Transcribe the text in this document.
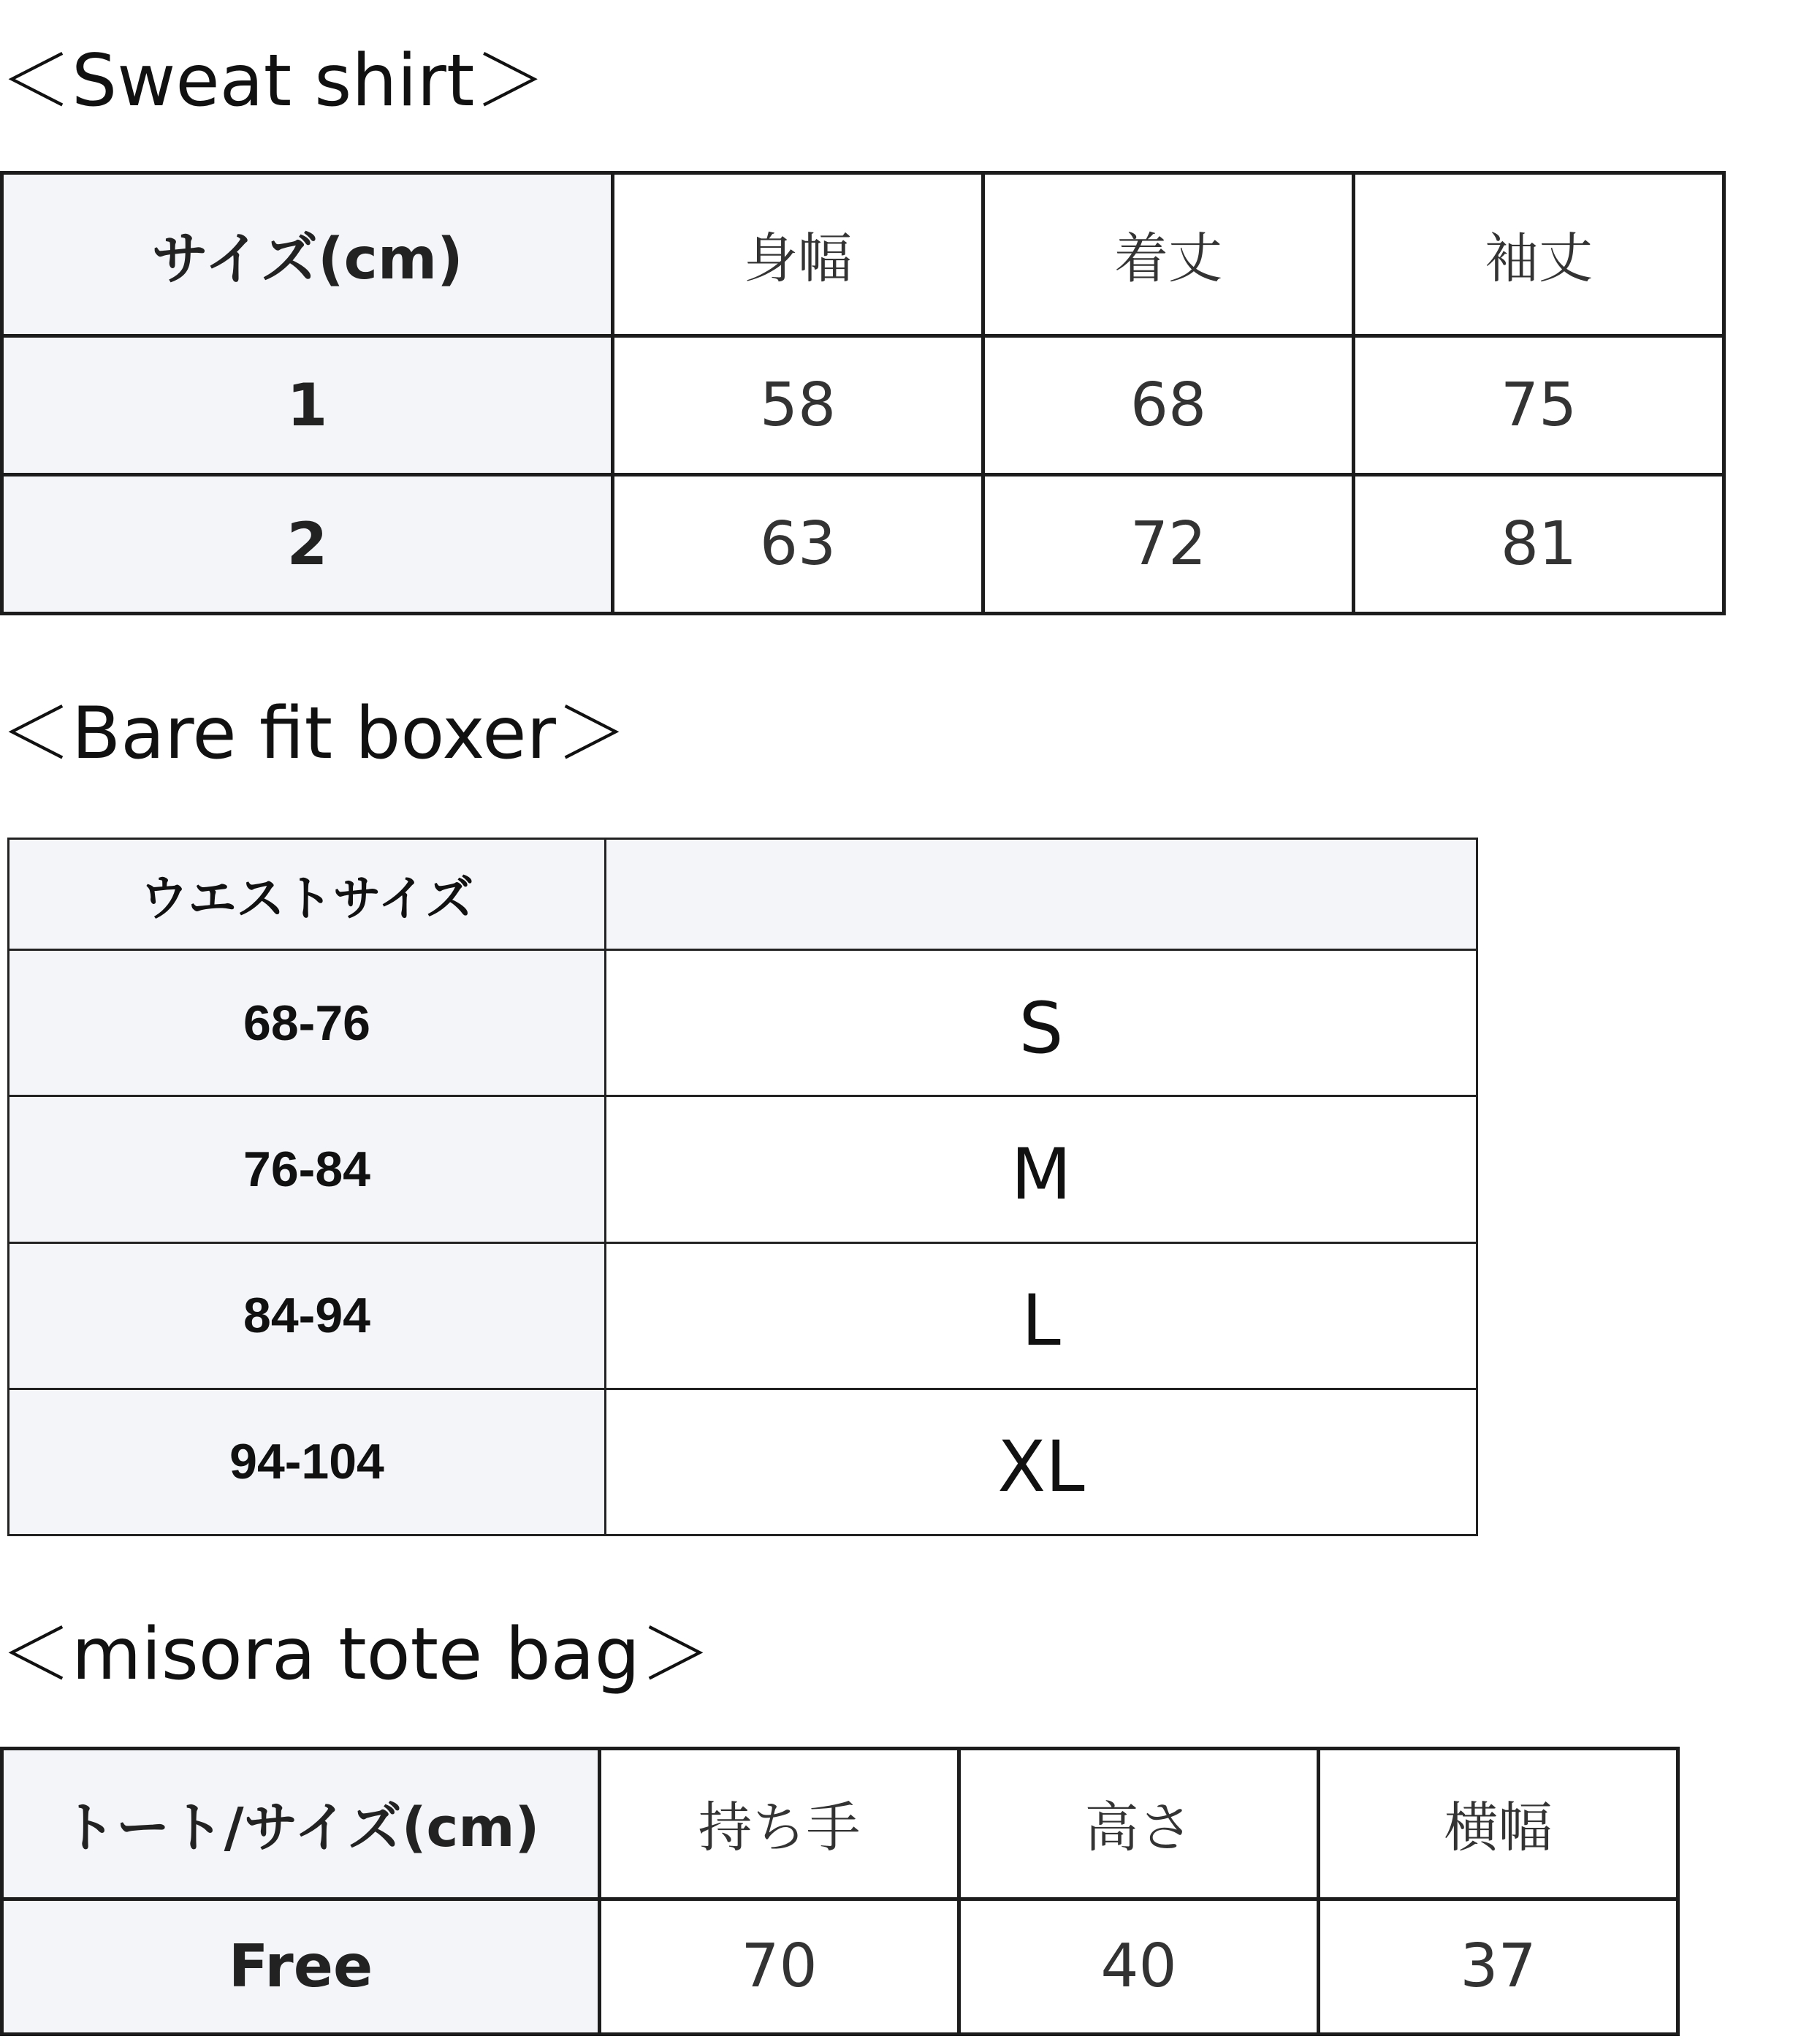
＜Sweat shirt＞
サイズ(cm)	身幅	着丈	袖丈
1	58	68	75
2	63	72	81
＜Bare fit boxer＞
ウエストサイズ	
68-76	S
76-84	M
84-94	L
94-104	XL
＜misora tote bag＞
トート/サイズ(cm)	持ち手	高さ	横幅
Free	70	40	37
